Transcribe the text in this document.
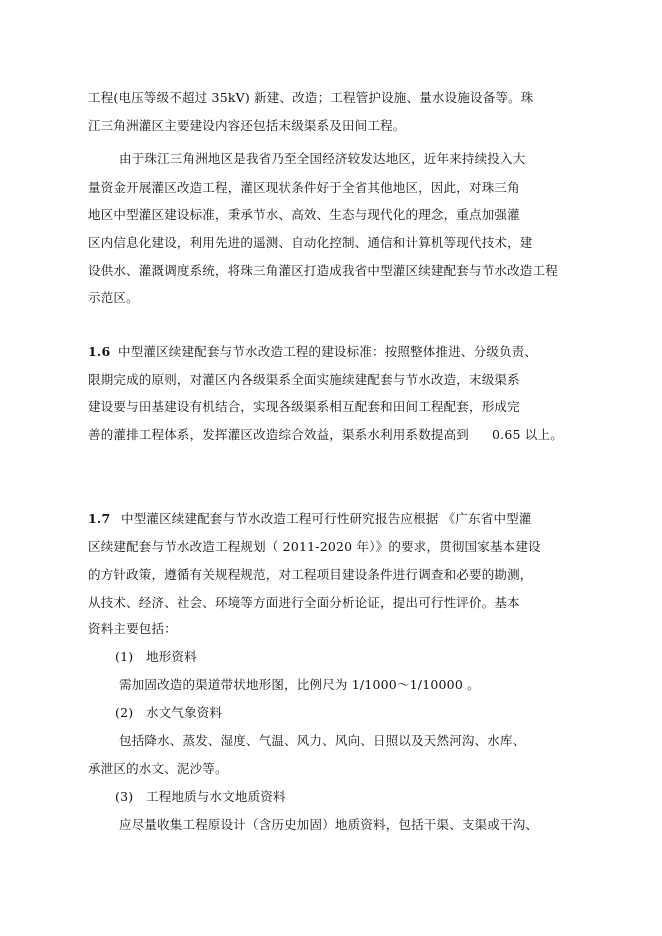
工程(电压等级不超过 35kV) 新建、改造；工程管护设施、量水设施设备等。珠
江三角洲灌区主要建设内容还包括末级渠系及田间工程。
由于珠江三角洲地区是我省乃至全国经济较发达地区，近年来持续投入大
量资金开展灌区改造工程，灌区现状条件好于全省其他地区，因此，对珠三角
地区中型灌区建设标准，秉承节水、高效、生态与现代化的理念，重点加强灌
区内信息化建设，利用先进的遥测、自动化控制、通信和计算机等现代技术，建
设供水、灌溉调度系统，将珠三角灌区打造成我省中型灌区续建配套与节水改造工程
示范区。
1.6 中型灌区续建配套与节水改造工程的建设标准：按照整体推进、分级负责、
限期完成的原则，对灌区内各级渠系全面实施续建配套与节水改造，末级渠系
建设要与田基建设有机结合，实现各级渠系相互配套和田间工程配套，形成完
善的灌排工程体系，发挥灌区改造综合效益，渠系水利用系数提高到 0.65 以上。
1.7 中型灌区续建配套与节水改造工程可行性研究报告应根据 《广东省中型灌
区续建配套与节水改造工程规划（ 2011-2020 年）》的要求，贯彻国家基本建设
的方针政策，遵循有关规程规范，对工程项目建设条件进行调查和必要的勘测，
从技术、经济、社会、环境等方面进行全面分析论证，提出可行性评价。基本
资料主要包括：
(1) 地形资料
需加固改造的渠道带状地形图，比例尺为 1/1000～1/10000 。
(2) 水文气象资料
包括降水、蒸发、湿度、气温、风力、风向、日照以及天然河沟、水库、
承泄区的水文、泥沙等。
(3) 工程地质与水文地质资料
应尽量收集工程原设计（含历史加固）地质资料，包括干渠、支渠或干沟、
